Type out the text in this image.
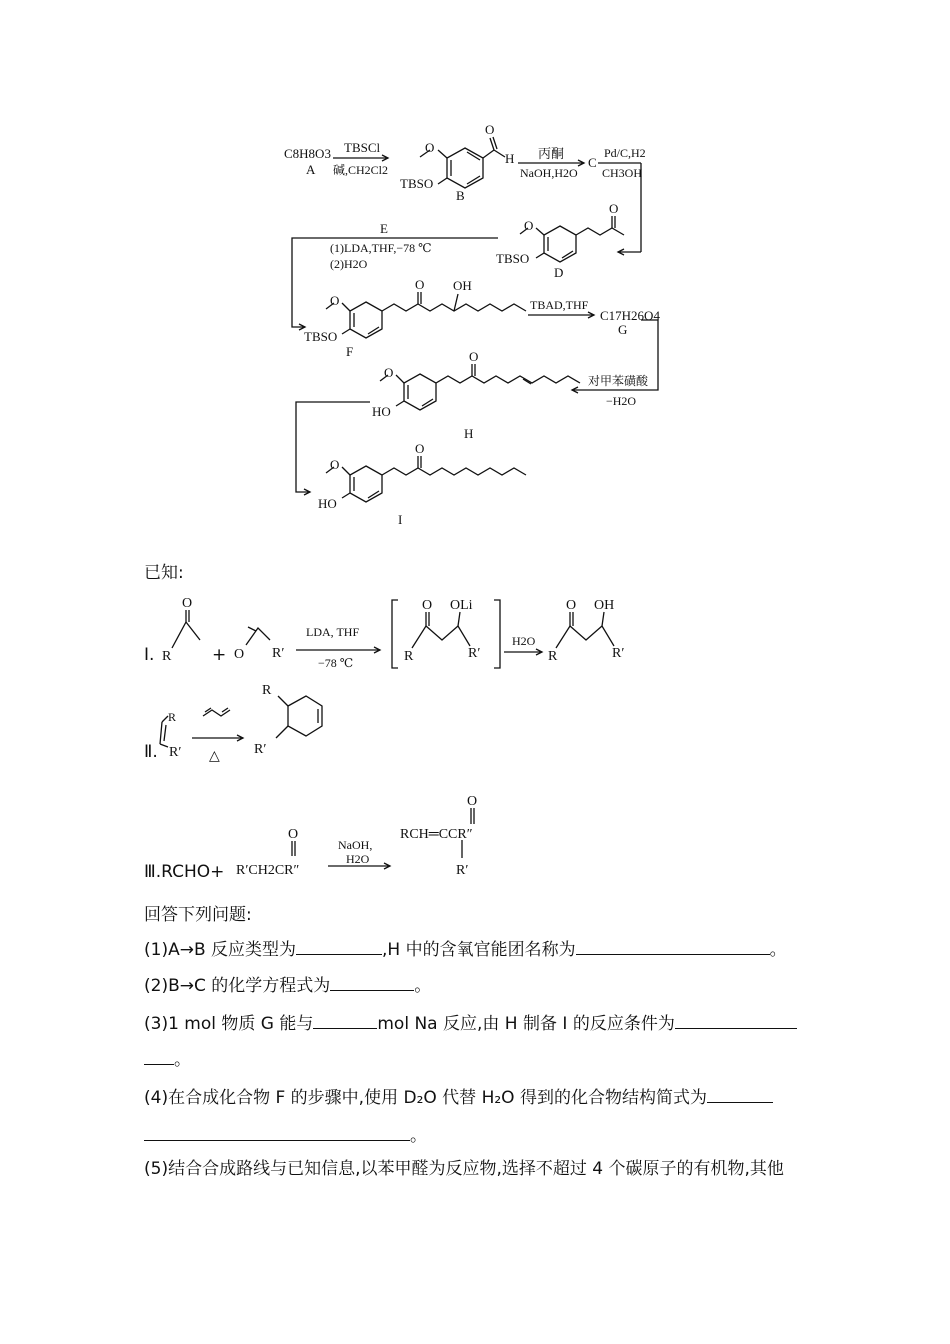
C8H8O3
A
TBSCl
碱,CH2Cl2
O
O
H
TBSO
B
丙酮
NaOH,H2O
C
Pd/C,H2
CH3OH
O
O
TBSO
D
E
(1)LDA,THF,−78 ℃
(2)H2O
O
O OH
TBSO
F
TBAD,THF
C17H26O4
G
O
O
HO
H
对甲苯磺酸
−H2O
O
O
HO
I
O
R	O R′
LDA, THF
−78 ℃
O OLi
R	R′
H2O
O OH
R	R′
R
R′ △
R
R′
O
R′CH2CR″
NaOH,
H2O
O
RCH═CCR″
R′
已知:
Ⅰ.	+
Ⅱ.
Ⅲ.RCHO+
回答下列问题:
(1)A→B 反应类型为	,H 中的含氧官能团名称为	。
(2)B→C 的化学方程式为	。
(3)1 mol 物质 G 能与	mol Na 反应,由 H 制备 I 的反应条件为
。
(4)在合成化合物 F 的步骤中,使用 D₂O 代替 H₂O 得到的化合物结构简式为
。
(5)结合合成路线与已知信息,以苯甲醛为反应物,选择不超过 4 个碳原子的有机物,其他
